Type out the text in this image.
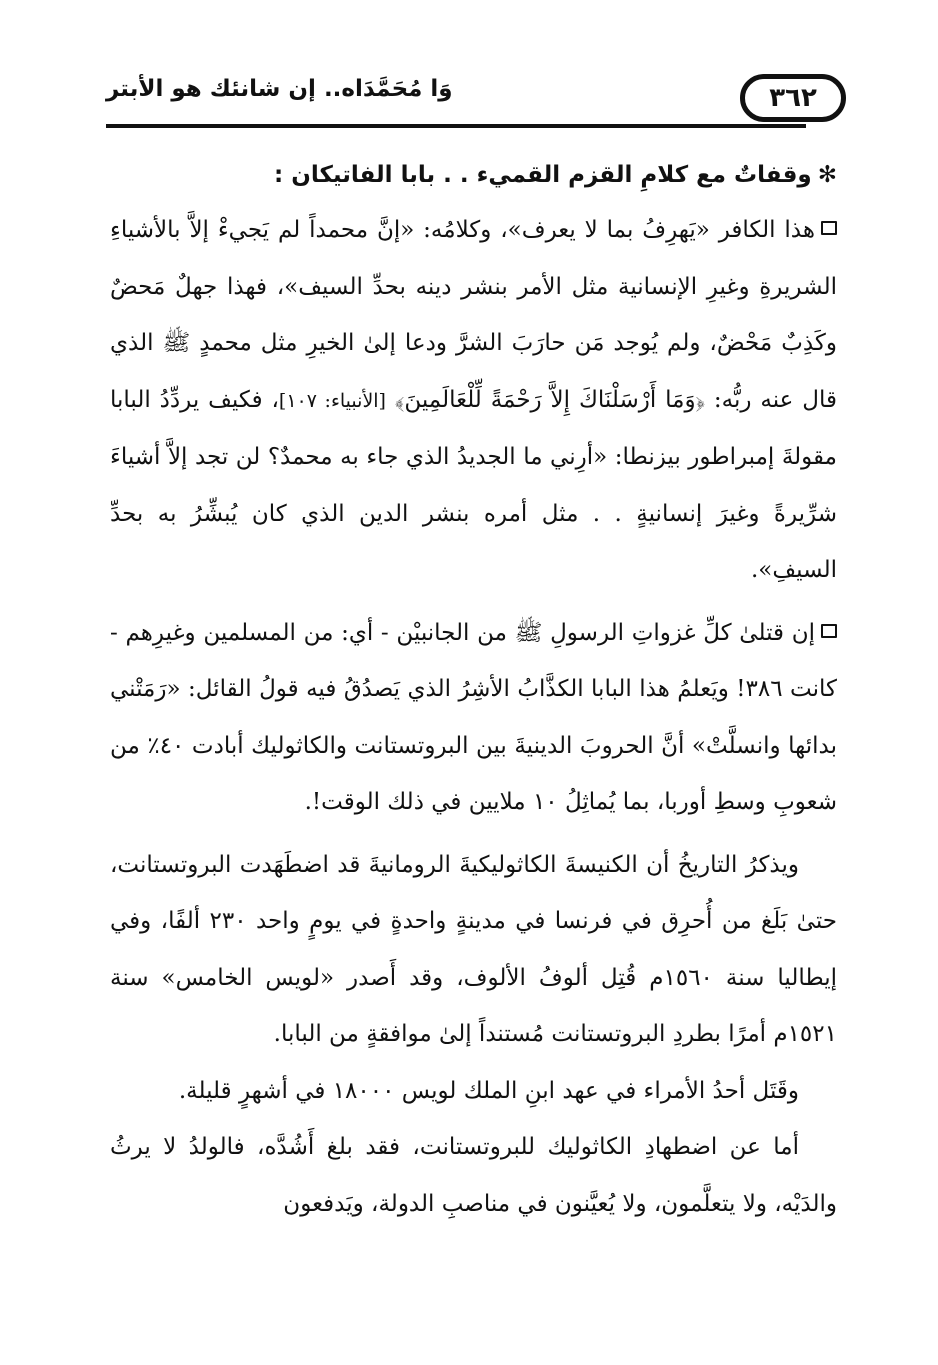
٣٦٢
وَا مُحَمَّدَاه.. إن شانئك هو الأبتر

✻وقفاتٌ مع كلامِ القزم القميء . . بابا الفاتيكان :

هذا الكافر «يَهرِفُ بما لا يعرف»، وكلامُه: «إنَّ محمداً لم يَجيءْ إلاَّ بالأشياءِ الشريرةِ وغيرِ الإنسانية مثل الأمر بنشر دينه بحدِّ السيف»، فهذا جهلٌ مَحضٌ وكَذِبٌ مَحْضٌ، ولم يُوجد مَن حارَبَ الشرَّ ودعا إلىٰ الخيرِ مثل محمدٍ ﷺ الذي قال عنه ربُّه: ﴿وَمَا أَرْسَلْنَاكَ إِلاَّ رَحْمَةً لِّلْعَالَمِينَ﴾ [الأنبياء: ١٠٧]، فكيف يردِّدُ البابا مقولةَ إمبراطور بيزنطا: «أرِني ما الجديدُ الذي جاء به محمدٌ؟ لن تجد إلاَّ أشياءَ شرِّيرةً وغيرَ إنسانيةٍ . . مثل أمره بنشر الدين الذي كان يُبشِّرُ به بحدِّ السيفِ».

إن قتلىٰ كلِّ غزواتِ الرسولِ ﷺ من الجانبيْن - أي: من المسلمين وغيرِهم - كانت ٣٨٦! ويَعلمُ هذا البابا الكذَّابُ الأشِرُ الذي يَصدُقُ فيه قولُ القائل: «رَمَتْني بدائها وانسلَّتْ» أنَّ الحروبَ الدينيةَ بين البروتستانت والكاثوليك أبادت ٤٠٪ من شعوبِ وسطِ أوربا، بما يُماثِلُ ١٠ ملايين في ذلك الوقت!.

ويذكرُ التاريخُ أن الكنيسةَ الكاثوليكيةَ الرومانيةَ قد اضطَهَدت البروتستانت، حتىٰ بَلَغ من أُحرِق في فرنسا في مدينةٍ واحدةٍ في يومٍ واحد ٢٣٠ ألفًا، وفي إيطاليا سنة ١٥٦٠م قُتِل ألوفُ الألوف، وقد أَصدر «لويس الخامس» سنة ١٥٢١م أمرًا بطردِ البروتستانت مُستنداً إلىٰ موافقةٍ من البابا.

وقَتَل أحدُ الأمراء في عهد ابنِ الملك لويس ١٨٠٠٠ في أشهرٍ قليلة.

أما عن اضطهادِ الكاثوليك للبروتستانت، فقد بلغ أَشُدَّه، فالولدُ لا يرثُ والدَيْه، ولا يتعلَّمون، ولا يُعيَّنون في مناصبِ الدولة، ويَدفعون
